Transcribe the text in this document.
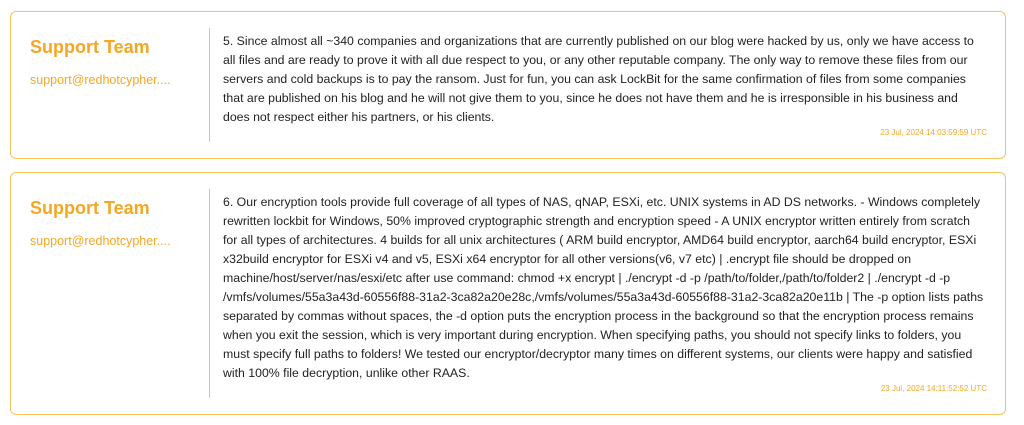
Support Team
support@redhotcypher....

5. Since almost all ~340 companies and organizations that are currently published on our blog were hacked by us, only we have access to all files and are ready to prove it with all due respect to you, or any other reputable company. The only way to remove these files from our servers and cold backups is to pay the ransom. Just for fun, you can ask LockBit for the same confirmation of files from some companies that are published on his blog and he will not give them to you, since he does not have them and he is irresponsible in his business and does not respect either his partners, or his clients.

23 Jul, 2024 14:03:59:59 UTC
Support Team
support@redhotcypher....

6. Our encryption tools provide full coverage of all types of NAS, qNAP, ESXi, etc. UNIX systems in AD DS networks. - Windows completely rewritten lockbit for Windows, 50% improved cryptographic strength and encryption speed - A UNIX encryptor written entirely from scratch for all types of architectures. 4 builds for all unix architectures ( ARM build encryptor, AMD64 build encryptor, aarch64 build encryptor, ESXi x32build encryptor for ESXi v4 and v5, ESXi x64 encryptor for all other versions(v6, v7 etc) | .encrypt file should be dropped on machine/host/server/nas/esxi/etc after use command: chmod +x encrypt | ./encrypt -d -p /path/to/folder,/path/to/folder2 | ./encrypt -d -p /vmfs/volumes/55a3a43d-60556f88-31a2-3ca82a20e28c,/vmfs/volumes/55a3a43d-60556f88-31a2-3ca82a20e11b | The -p option lists paths separated by commas without spaces, the -d option puts the encryption process in the background so that the encryption process remains when you exit the session, which is very important during encryption. When specifying paths, you should not specify links to folders, you must specify full paths to folders! We tested our encryptor/decryptor many times on different systems, our clients were happy and satisfied with 100% file decryption, unlike other RAAS.

23 Jul, 2024 14:11:52:52 UTC
